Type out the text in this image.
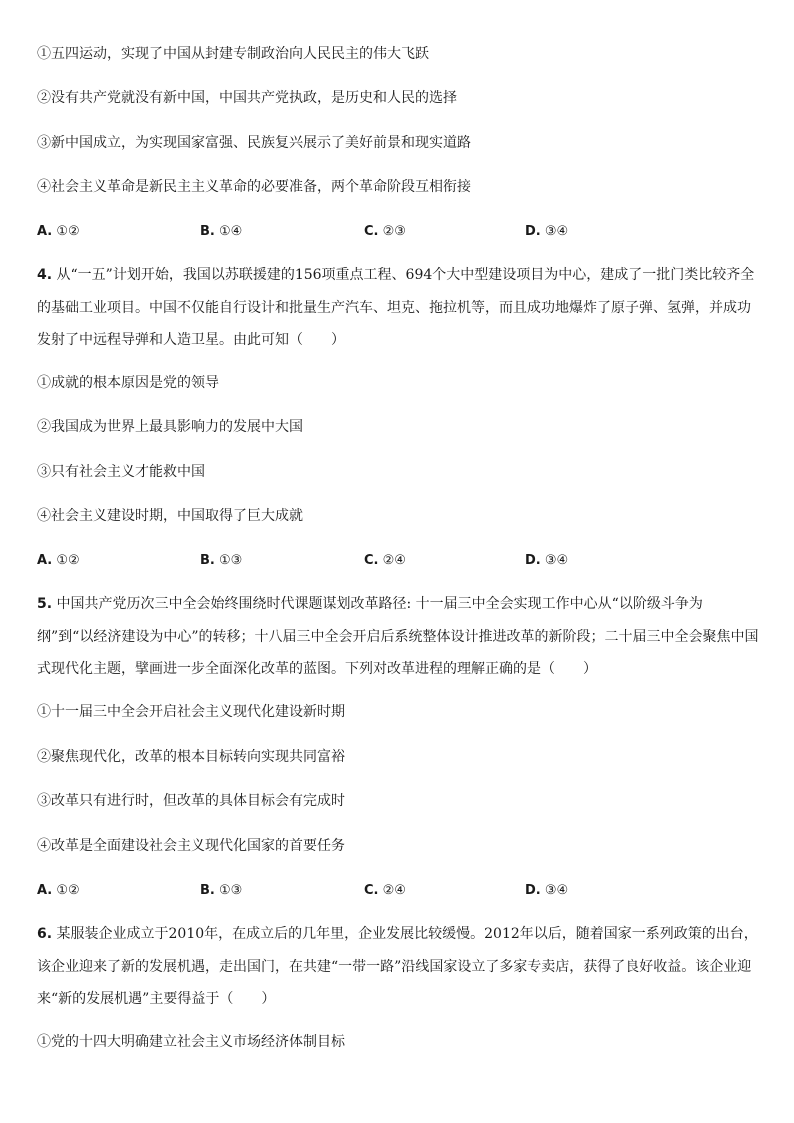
①五四运动，实现了中国从封建专制政治向人民民主的伟大飞跃
②没有共产党就没有新中国，中国共产党执政，是历史和人民的选择
③新中国成立，为实现国家富强、民族复兴展示了美好前景和现实道路
④社会主义革命是新民主主义革命的必要准备，两个革命阶段互相衔接
A. ①②	B. ①④	C. ②③	D. ③④
4. 从“一五”计划开始，我国以苏联援建的156项重点工程、694个大中型建设项目为中心，建成了一批门类比较齐全的基础工业项目。中国不仅能自行设计和批量生产汽车、坦克、拖拉机等，而且成功地爆炸了原子弹、氢弹，并成功发射了中远程导弹和人造卫星。由此可知（　　）
①成就的根本原因是党的领导
②我国成为世界上最具影响力的发展中大国
③只有社会主义才能救中国
④社会主义建设时期，中国取得了巨大成就
A. ①②	B. ①③	C. ②④	D. ③④
5. 中国共产党历次三中全会始终围绕时代课题谋划改革路径: 十一届三中全会实现工作中心从“以阶级斗争为纲”到“以经济建设为中心”的转移；十八届三中全会开启后系统整体设计推进改革的新阶段；二十届三中全会聚焦中国式现代化主题，擘画进一步全面深化改革的蓝图。下列对改革进程的理解正确的是（　　）
①十一届三中全会开启社会主义现代化建设新时期
②聚焦现代化，改革的根本目标转向实现共同富裕
③改革只有进行时，但改革的具体目标会有完成时
④改革是全面建设社会主义现代化国家的首要任务
A. ①②	B. ①③	C. ②④	D. ③④
6. 某服装企业成立于2010年，在成立后的几年里，企业发展比较缓慢。2012年以后，随着国家一系列政策的出台，该企业迎来了新的发展机遇，走出国门，在共建“一带一路”沿线国家设立了多家专卖店，获得了良好收益。该企业迎来“新的发展机遇”主要得益于（　　）
①党的十四大明确建立社会主义市场经济体制目标
